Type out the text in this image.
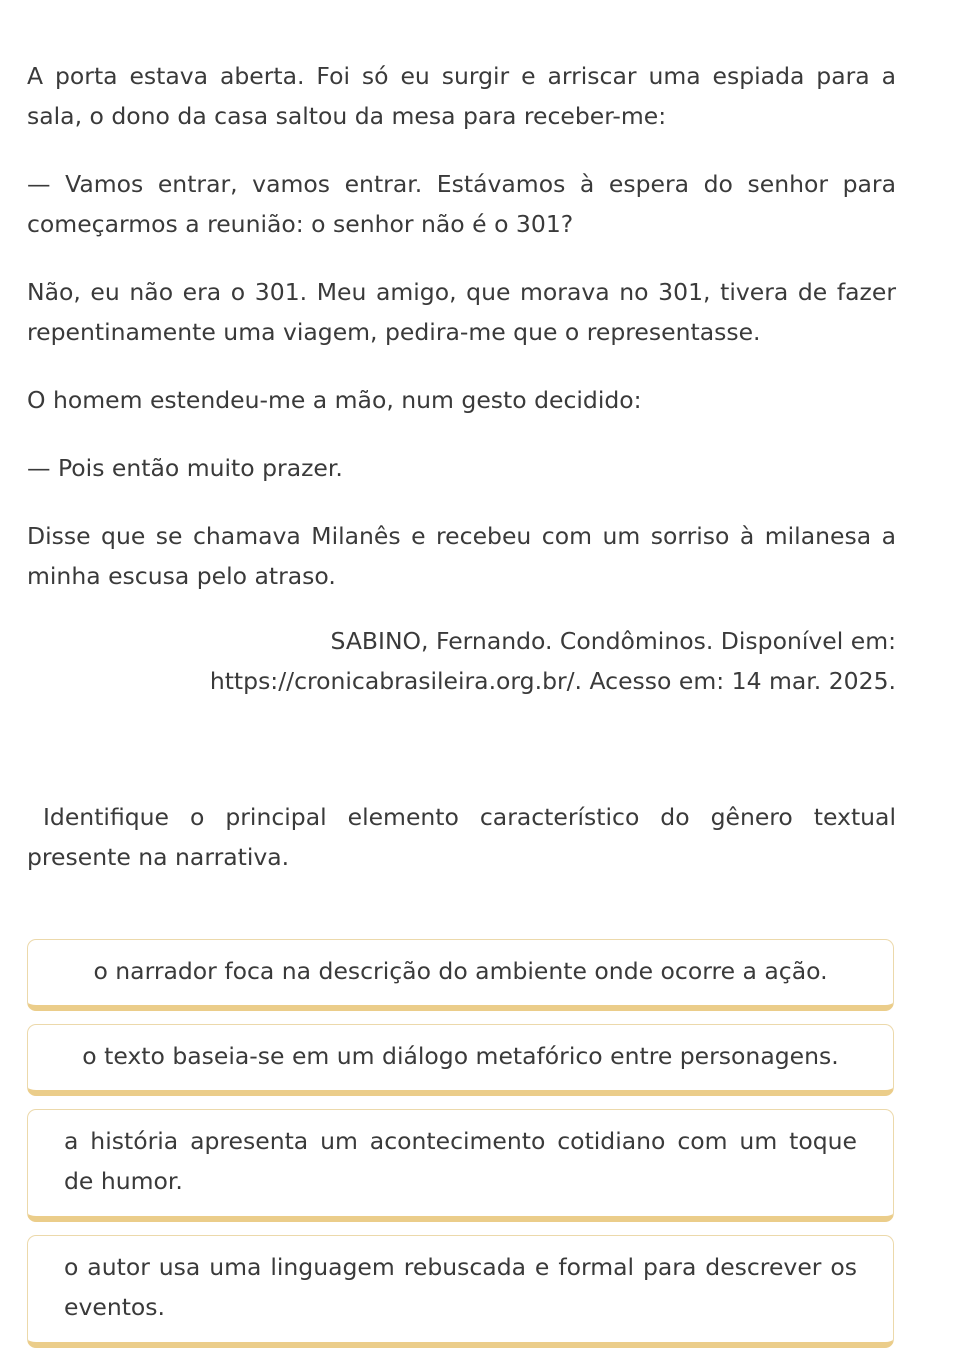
A porta estava aberta. Foi só eu surgir e arriscar uma espiada para a sala, o dono da casa saltou da mesa para receber-me:

— Vamos entrar, vamos entrar. Estávamos à espera do senhor para começarmos a reunião: o senhor não é o 301?

Não, eu não era o 301. Meu amigo, que morava no 301, tivera de fazer repentinamente uma viagem, pedira-me que o representasse.

O homem estendeu-me a mão, num gesto decidido:

— Pois então muito prazer.

Disse que se chamava Milanês e recebeu com um sorriso à milanesa a minha escusa pelo atraso.

SABINO, Fernando. Condôminos. Disponível em:
https://cronicabrasileira.org.br/. Acesso em: 14 mar. 2025.
Identifique o principal elemento característico do gênero textual presente na narrativa.
o narrador foca na descrição do ambiente onde ocorre a ação.
o texto baseia-se em um diálogo metafórico entre personagens.
a história apresenta um acontecimento cotidiano com um toque de humor.
o autor usa uma linguagem rebuscada e formal para descrever os eventos.
